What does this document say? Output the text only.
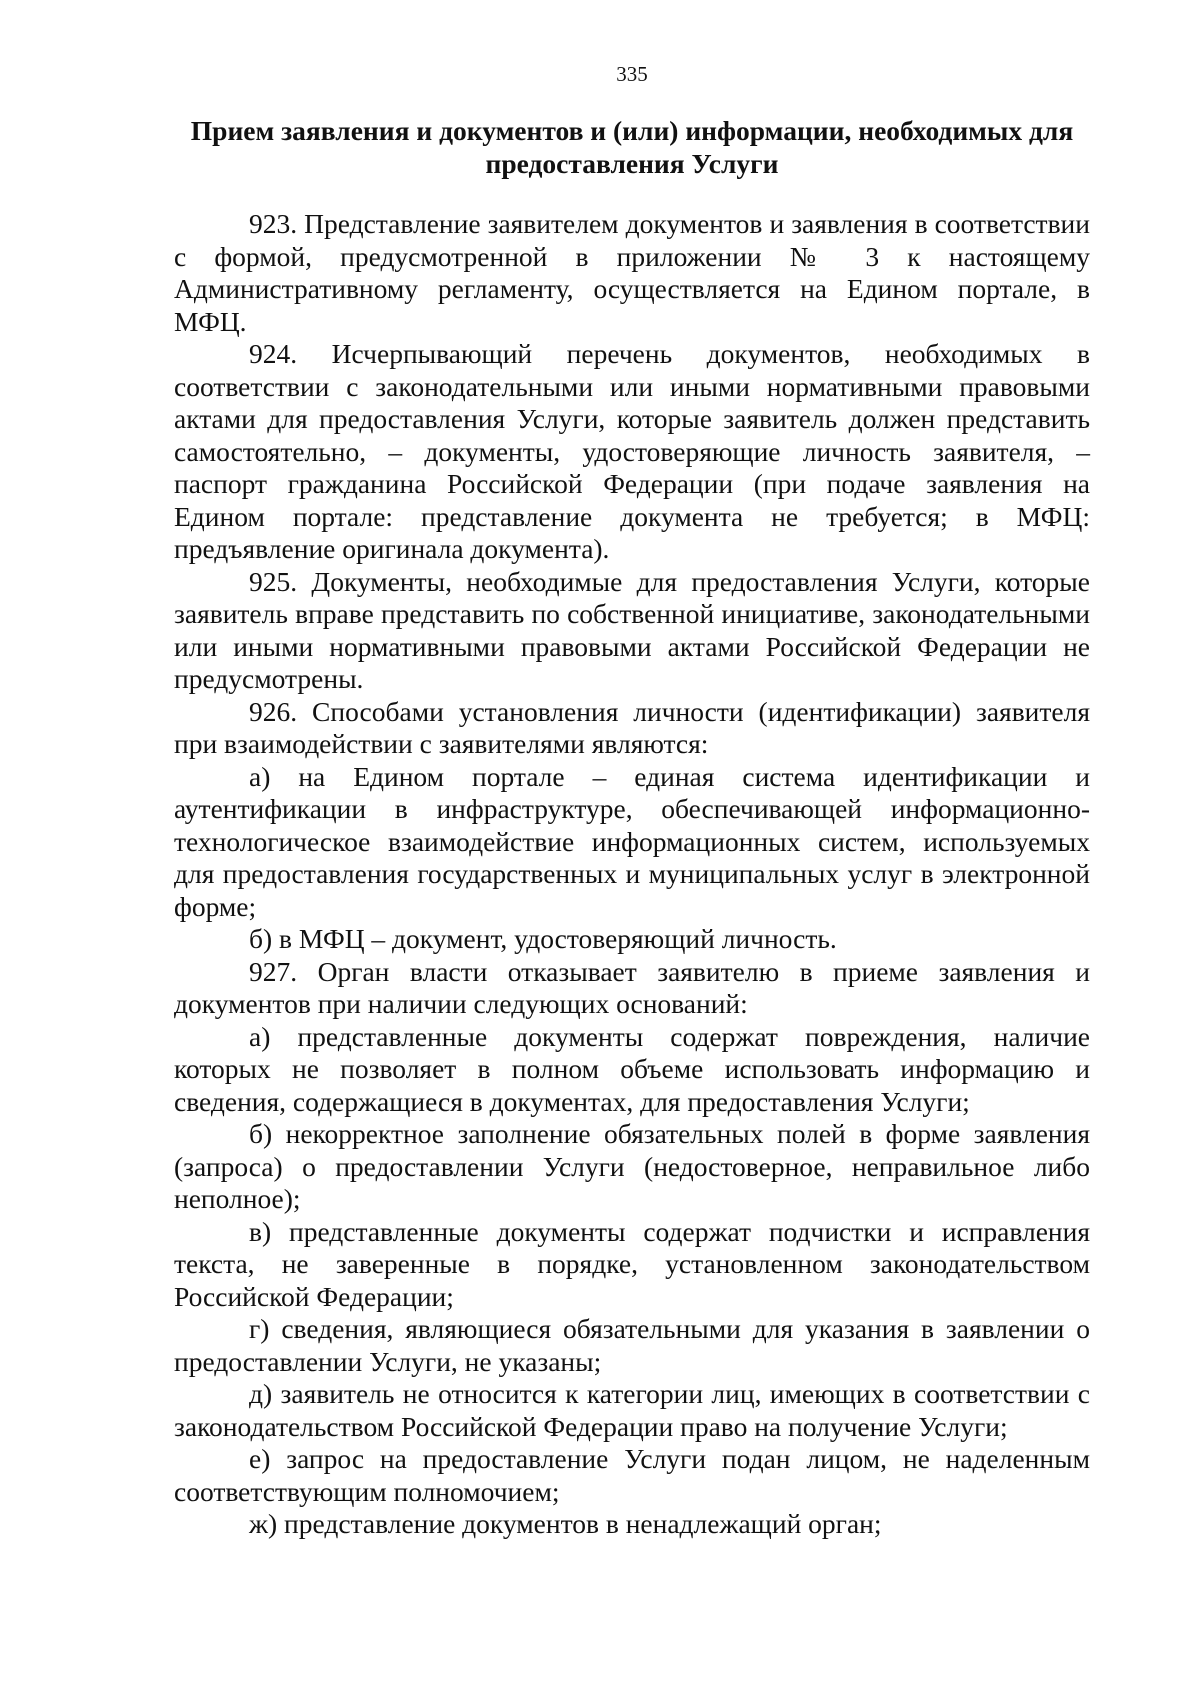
335
Прием заявления и документов и (или) информации, необходимых для предоставления Услуги

923. Представление заявителем документов и заявления в соответствии с формой, предусмотренной в приложении № 3 к настоящему Административному регламенту, осуществляется на Едином портале, в МФЦ.

924. Исчерпывающий перечень документов, необходимых в соответствии с законодательными или иными нормативными правовыми актами для предоставления Услуги, которые заявитель должен представить самостоятельно, – документы, удостоверяющие личность заявителя, – паспорт гражданина Российской Федерации (при подаче заявления на Едином портале: представление документа не требуется; в МФЦ: предъявление оригинала документа).

925. Документы, необходимые для предоставления Услуги, которые заявитель вправе представить по собственной инициативе, законодательными или иными нормативными правовыми актами Российской Федерации не предусмотрены.

926. Способами установления личности (идентификации) заявителя при взаимодействии с заявителями являются:

а) на Едином портале – единая система идентификации и аутентификации в инфраструктуре, обеспечивающей информационно-технологическое взаимодействие информационных систем, используемых для предоставления государственных и муниципальных услуг в электронной форме;

б) в МФЦ – документ, удостоверяющий личность.

927. Орган власти отказывает заявителю в приеме заявления и документов при наличии следующих оснований:

а) представленные документы содержат повреждения, наличие которых не позволяет в полном объеме использовать информацию и сведения, содержащиеся в документах, для предоставления Услуги;

б) некорректное заполнение обязательных полей в форме заявления (запроса) о предоставлении Услуги (недостоверное, неправильное либо неполное);

в) представленные документы содержат подчистки и исправления текста, не заверенные в порядке, установленном законодательством Российской Федерации;

г) сведения, являющиеся обязательными для указания в заявлении о предоставлении Услуги, не указаны;

д) заявитель не относится к категории лиц, имеющих в соответствии с законодательством Российской Федерации право на получение Услуги;

е) запрос на предоставление Услуги подан лицом, не наделенным соответствующим полномочием;

ж) представление документов в ненадлежащий орган;
